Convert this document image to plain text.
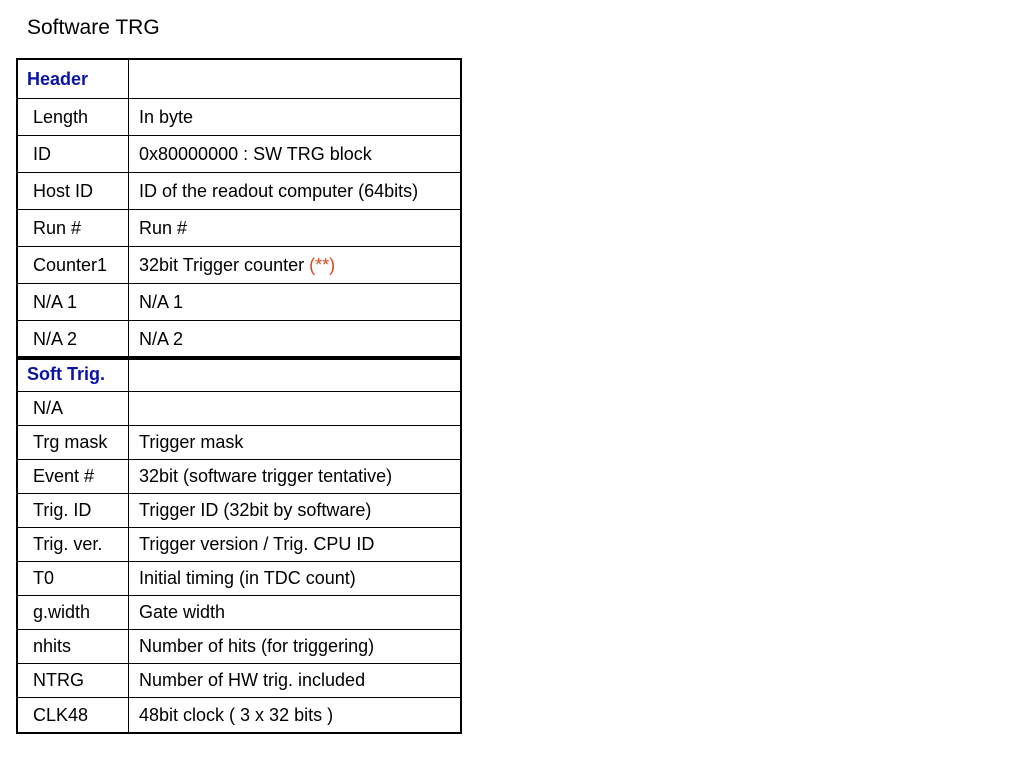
Software TRG
Header
Length	In byte
ID	0x80000000 : SW TRG block
Host ID	ID of the readout computer (64bits)
Run #	Run #
Counter1	32bit Trigger counter (**)
N/A 1	N/A 1
N/A 2	N/A 2
Soft Trig.
N/A
Trg mask	Trigger mask
Event #	32bit (software trigger tentative)
Trig. ID	Trigger ID (32bit by software)
Trig. ver.	Trigger version / Trig. CPU ID
T0	Initial timing (in TDC count)
g.width	Gate width
nhits	Number of hits (for triggering)
NTRG	Number of HW trig. included
CLK48	48bit clock ( 3 x 32 bits )
